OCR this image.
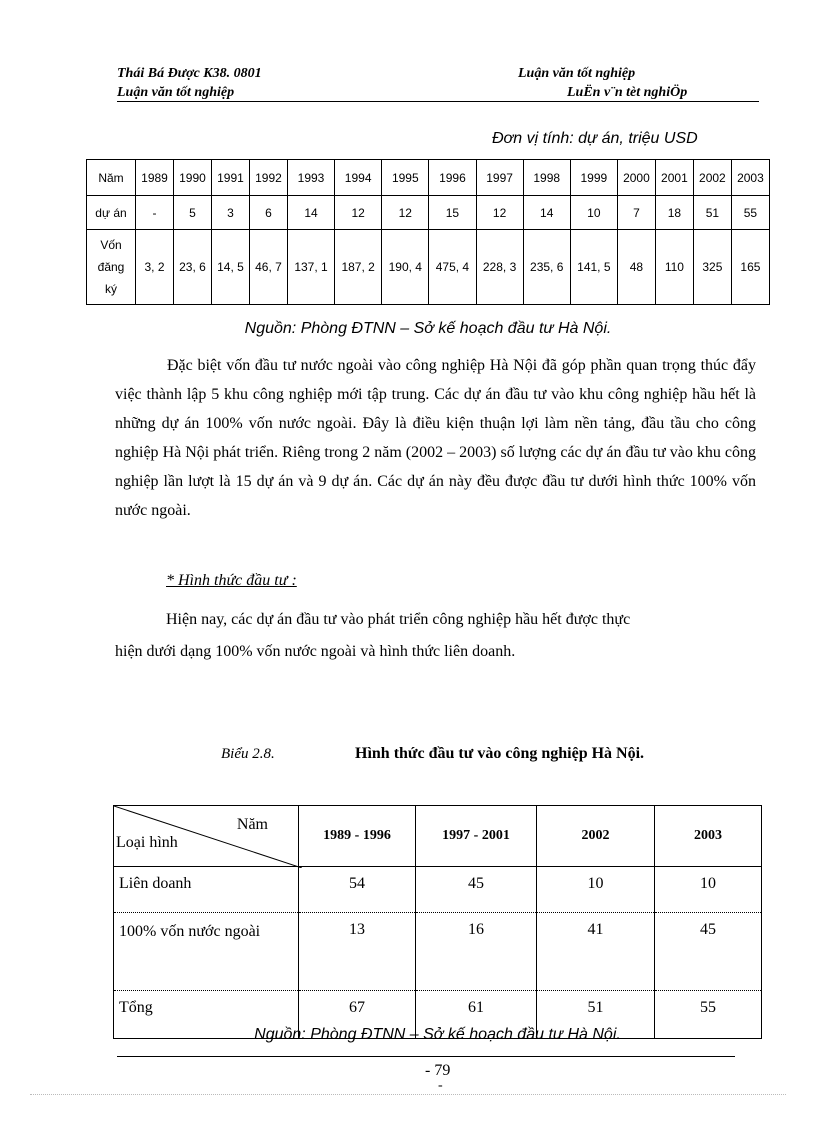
Thái Bá Được K38. 0801	Luận văn tốt nghiệp
Luận văn tốt nghiệp	LuËn v¨n tèt nghiÖp
Đơn vị tính: dự án, triệu USD
Năm	1989	1990	1991	1992	1993	1994	1995	1996	1997	1998	1999	2000	2001	2002	2003
dự án	-	5	3	6	14	12	12	15	12	14	10	7	18	51	55
Vốn đăng ký	3, 2	23, 6	14, 5	46, 7	137, 1	187, 2	190, 4	475, 4	228, 3	235, 6	141, 5	48	110	325	165
Nguồn: Phòng ĐTNN – Sở kế hoạch đầu tư Hà Nội.

Đặc biệt vốn đầu tư nước ngoài vào công nghiệp Hà Nội đã góp phần quan trọng thúc đẩy việc thành lập 5 khu công nghiệp mới tập trung. Các dự án đầu tư vào khu công nghiệp hầu hết là những dự án 100% vốn nước ngoài. Đây là điều kiện thuận lợi làm nền tảng, đầu tầu cho công nghiệp Hà Nội phát triển. Riêng trong 2 năm (2002 – 2003) số lượng các dự án đầu tư vào khu công nghiệp lần lượt là 15 dự án và 9 dự án. Các dự án này đều được đầu tư dưới hình thức 100% vốn nước ngoài.

* Hình thức đầu tư :
Hiện nay, các dự án đầu tư vào phát triển công nghiệp hầu hết được thực
hiện dưới dạng 100% vốn nước ngoài và hình thức liên doanh.
Biểu 2.8.	Hình thức đầu tư vào công nghiệp Hà Nội.
Năm
Loại hình	1989 - 1996	1997 - 2001	2002	2003
Liên doanh	54	45	10	10
100% vốn nước ngoài	13	16	41	45
Tổng	67	61	51	55
Nguồn: Phòng ĐTNN – Sở kế hoạch đầu tư Hà Nội.
- 79
-
